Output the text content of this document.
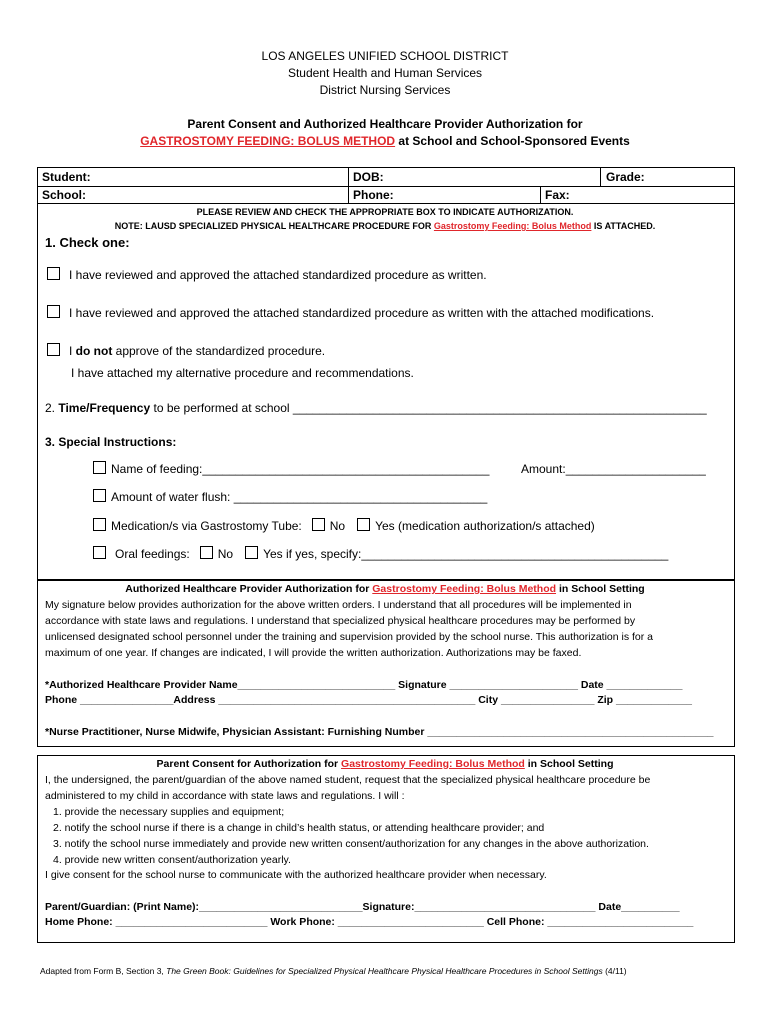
LOS ANGELES UNIFIED SCHOOL DISTRICT
Student Health and Human Services
District Nursing Services
Parent Consent and Authorized Healthcare Provider Authorization for
GASTROSTOMY FEEDING: BOLUS METHOD at School and School-Sponsored Events
Student:	DOB:	Grade:
School:	Phone:	Fax:
PLEASE REVIEW AND CHECK THE APPROPRIATE BOX TO INDICATE AUTHORIZATION.
NOTE: LAUSD SPECIALIZED PHYSICAL HEALTHCARE PROCEDURE FOR Gastrostomy Feeding: Bolus Method IS ATTACHED.
1. Check one:
I have reviewed and approved the attached standardized procedure as written.
I have reviewed and approved the attached standardized procedure as written with the attached modifications.
I do not approve of the standardized procedure.
I have attached my alternative procedure and recommendations.
2. Time/Frequency to be performed at school ______________________________________________________________
3. Special Instructions:
Name of feeding:___________________________________________	Amount:_____________________
Amount of water flush: ______________________________________
Medication/s via Gastrostomy Tube: No	Yes (medication authorization/s attached)
Oral feedings: No	Yes if yes, specify:______________________________________________
Authorized Healthcare Provider Authorization for Gastrostomy Feeding: Bolus Method in School Setting
My signature below provides authorization for the above written orders. I understand that all procedures will be implemented in
accordance with state laws and regulations. I understand that specialized physical healthcare procedures may be performed by
unlicensed designated school personnel under the training and supervision provided by the school nurse. This authorization is for a
maximum of one year. If changes are indicated, I will provide the written authorization. Authorizations may be faxed.
*Authorized Healthcare Provider Name___________________________ Signature ______________________ Date _____________
Phone ________________Address ____________________________________________ City ________________ Zip _____________
*Nurse Practitioner, Nurse Midwife, Physician Assistant: Furnishing Number _________________________________________________
Parent Consent for Authorization for Gastrostomy Feeding: Bolus Method in School Setting
I, the undersigned, the parent/guardian of the above named student, request that the specialized physical healthcare procedure be
administered to my child in accordance with state laws and regulations. I will :
1. provide the necessary supplies and equipment;
2. notify the school nurse if there is a change in child’s health status, or attending healthcare provider; and
3. notify the school nurse immediately and provide new written consent/authorization for any changes in the above authorization.
4. provide new written consent/authorization yearly.
I give consent for the school nurse to communicate with the authorized healthcare provider when necessary.
Parent/Guardian: (Print Name):____________________________Signature:_______________________________ Date__________
Home Phone: __________________________ Work Phone: _________________________ Cell Phone: _________________________
Adapted from Form B, Section 3, The Green Book: Guidelines for Specialized Physical Healthcare Physical Healthcare Procedures in School Settings (4/11)
